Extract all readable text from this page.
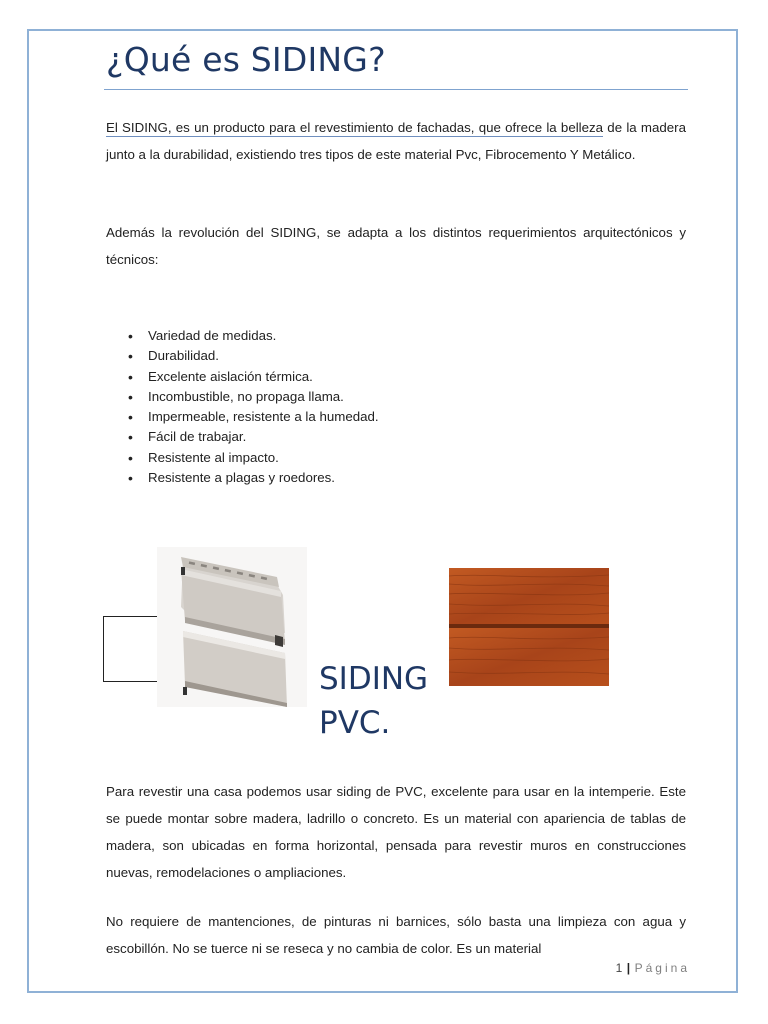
¿Qué es SIDING?

El SIDING, es un producto para el revestimiento de fachadas, que ofrece la belleza de la madera junto a la durabilidad, existiendo tres tipos de este material Pvc, Fibrocemento Y Metálico.

Además la revolución del SIDING, se adapta a los distintos requerimientos arquitectónicos y técnicos:

• Variedad de medidas.
• Durabilidad.
• Excelente aislación térmica.
• Incombustible, no propaga llama.
• Impermeable, resistente a la humedad.
• Fácil de trabajar.
• Resistente al impacto.
• Resistente a plagas y roedores.
SIDING
PVC.

Para revestir una casa podemos usar siding de PVC, excelente para usar en la intemperie. Este se puede montar sobre madera, ladrillo o concreto. Es un material con apariencia de tablas de madera, son ubicadas en forma horizontal, pensada para revestir muros en construcciones nuevas, remodelaciones o ampliaciones.

No requiere de mantenciones, de pinturas ni barnices, sólo basta una limpieza con agua y escobillón. No se tuerce ni se reseca y no cambia de color. Es un material

1 | Página
